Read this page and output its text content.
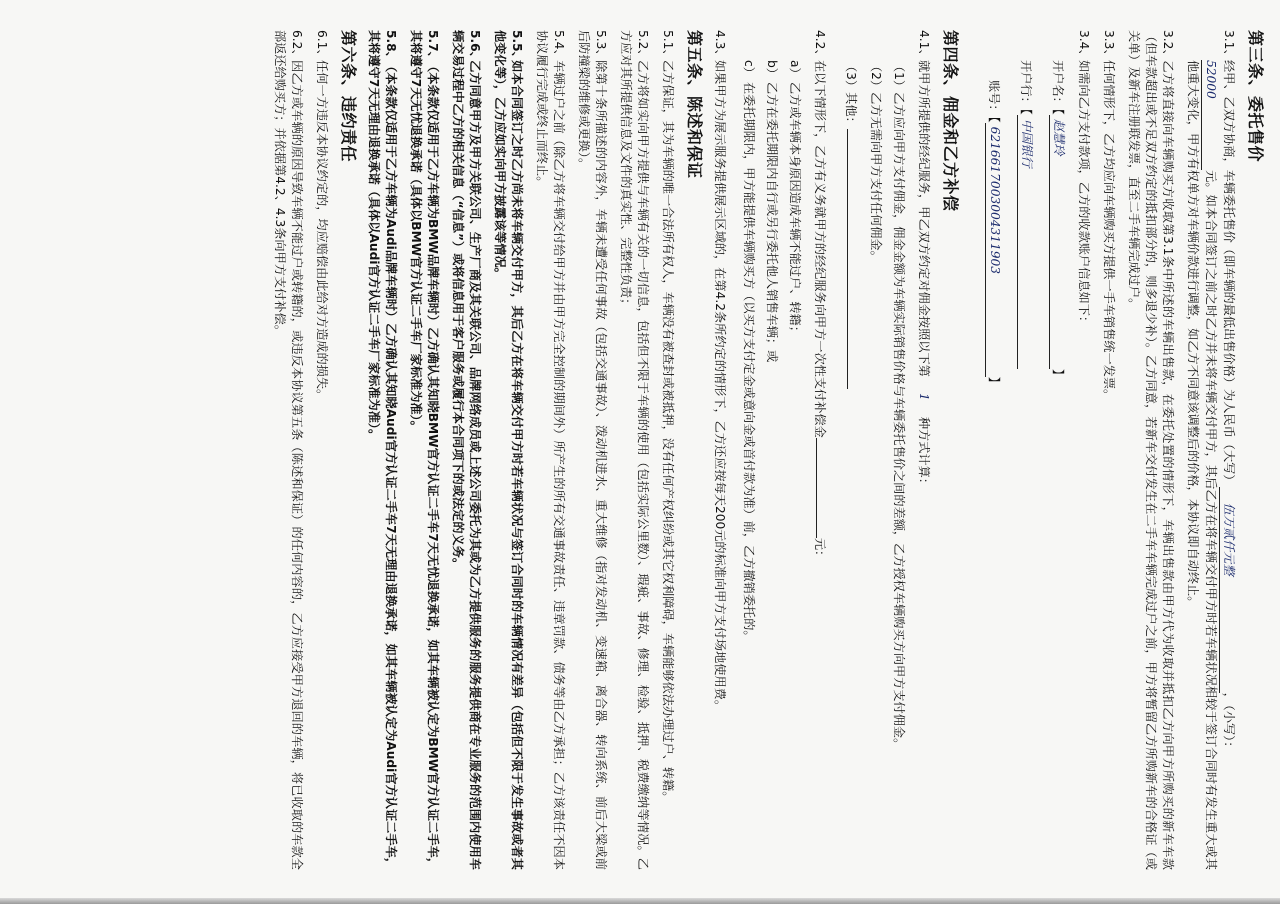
第三条、委托售价
3.1、经甲、乙双方协商，车辆委托售价（即车辆的最低出售价格）为人民币（大写）伍万贰仟元整，（小写）：
52000元。如本合同签订之前之时乙方并未将车辆交付甲方，其后乙方在将车辆交付甲方时若车辆状况相较于签订合同时有发生重大或其他重大变化，甲方有权单方对车辆价款进行调整，如乙方不同意该调整后的价格，本协议即自动终止。
3.2、乙方将直接向车辆购买方收取第3.1条中所述的车辆出售款，在委托处置的情形下，车辆出售款由甲方代为收取并抵扣乙方向甲方所购买的新车车款（但车款超出或不足双方约定的抵扣部分的，则多退少补）。乙方同意，若新车交付发生在二手车车辆完成过户之前，甲方将暂留乙方所购新车的合格证（或关单）及新车注册联发票，直至二手车辆完成过户。
3.3、任何情形下，乙方均应向车辆购买方提供一手车销售统一发票。
3.4、如需向乙方支付款项，乙方的收款账户信息如下：
开户名：【
赵慧玲
】
开户行：【
中国银行
账号：【
6216617003004311903
】
第四条、佣金和乙方补偿
4.1、就甲方所提供的经纪服务，甲乙双方约定对佣金按照以下第1种方式计算：
（1）乙方应向甲方支付佣金，佣金金额为车辆实际销售价格与车辆委托售价之间的差额，乙方授权车辆购买方向甲方支付佣金。
（2）乙方无需向甲方支付任何佣金。
（3）其他：
4.2、在以下情形下，乙方有义务就甲方的经纪服务向甲方一次性支付补偿金元：
a）乙方或车辆本身原因造成车辆不能过户、转籍；
b）乙方在委托期限内自行或另行委托他人销售车辆；或
c）在委托期限内，甲方能提供车辆购买方（以买方支付定金或意向金或首付款为准）前，乙方撤销委托的。
4.3、如果甲方为展示服务提供展示区域的，在第4.2条所约定的情形下，乙方还应按每天200元的标准向甲方支付场地使用费。
第五条、陈述和保证
5.1、乙方保证，其为车辆的唯一合法所有权人，车辆没有被查封或被抵押，没有任何产权纠纷或其它权利障碍，车辆能够依法办理过户、转籍。
5.2、乙方将如实向甲方提供与车辆有关的一切信息，包括但不限于车辆的使用（包括实际公里数）、瑕疵、事故、修理、检验、抵押、税费缴纳等情况。乙方应对其所提供信息及文件的真实性、完整性负责；
5.3、除第十条所描述的内容外，车辆未遭受任何事故（包括交通事故）、泼动机进水、重大维修（指对发动机、变速箱、离合器、转向系统、前后大梁或前后防撞梁的维修或更换）。
5.4、车辆过户之前（除乙方将车辆交付给甲方并由甲方完全控制的期间外）所产生的所有交通事故责任、违章罚款、债务等由乙方承担；乙方该责任不因本协议履行完成或终止而终止。
5.5、如本合同签订之时乙方尚未将车辆交付甲方，其后乙方在将车辆交付甲方时若车辆状况与签订合同时的车辆情况有差异（包括但不限于发生事故或者其他变化等），乙方应如实向甲方披露该等情况。
5.6、乙方同意甲方及甲方关联公司、生产厂商及其关联公司、品牌网络成员或上述公司委托为其或为乙方提供服务的服务提供商在专业服务的范围内使用车辆交易过程中乙方的相关信息（“信息”）或将信息用于客户服务或履行本合同项下的或法定的义务。
5.7、（本条款仅适用于乙方车辆为BMW品牌车辆时）乙方确认其知晓BMW官方认证二手车7天无忧退换承诺，如其车辆被认定为BMW官方认证二手车，其将遵守7天无忧退换承诺（具体以BMW官方认证二手车厂家标准为准）。
5.8、（本条款仅适用于乙方车辆为Audi品牌车辆时）乙方确认其知晓Audi官方认证二手车7天无理由退换承诺，如其车辆被认定为Audi官方认证二手车，其将遵守7天无理由退换承诺（具体以Audi官方认证二手车厂家标准为准）。
第六条、违约责任
6.1、任何一方违反本协议约定的，均应赔偿由此给对方造成的损失。
6.2、因乙方或车辆的原因导致车辆不能过户或转籍的，或违反本协议第五条（陈述和保证）的任何内容的，乙方应接受甲方退回的车辆，将已收取的车款全部返还给购买方；并依据第4.2、4.3条向甲方支付补偿。
